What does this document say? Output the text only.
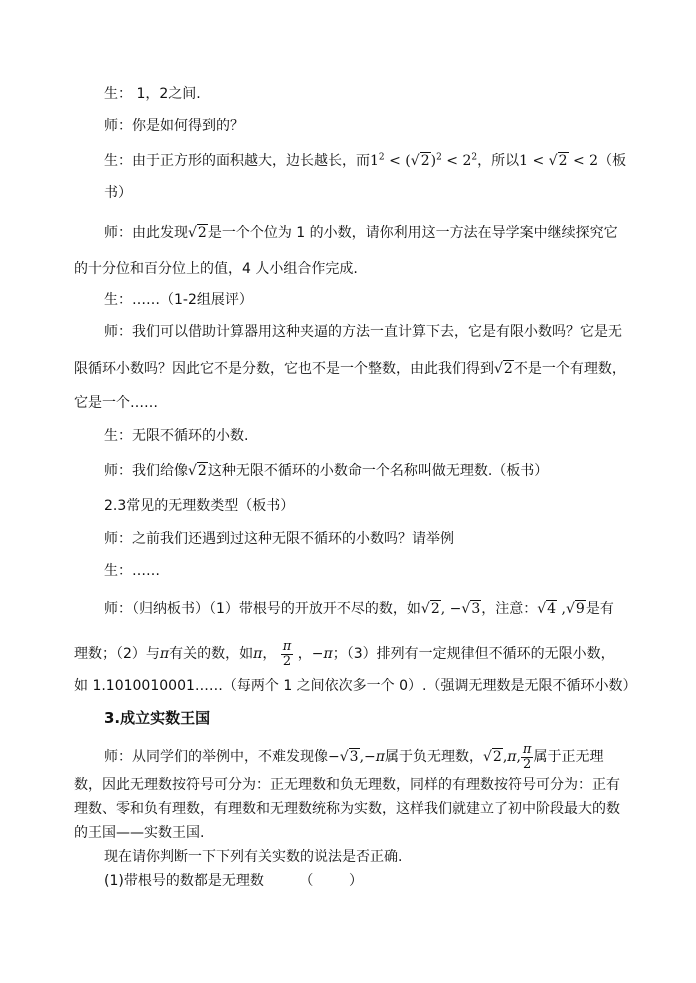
生： 1，2之间.
师：你是如何得到的？
生：由于正方形的面积越大，边长越长，而$1^2 < (√2)^2 < 2^2$，所以1 < √2 < 2（板
书）
师：由此发现√2是一个个位为 1 的小数，请你利用这一方法在导学案中继续探究它
的十分位和百分位上的值，4 人小组合作完成.
生：……（1-2组展评）
师：我们可以借助计算器用这种夹逼的方法一直计算下去，它是有限小数吗？它是无
限循环小数吗？因此它不是分数，它也不是一个整数，由此我们得到√2不是一个有理数，
它是一个……
生：无限不循环的小数.
师：我们给像√2这种无限不循环的小数命一个名称叫做无理数.（板书）
2.3常见的无理数类型（板书）
师：之前我们还遇到过这种无限不循环的小数吗？请举例
生：……
师：（归纳板书）（1）带根号的开放开不尽的数，如√2, −√3，注意：√4 ,√9是有
理数；（2）与π有关的数，如π， $\frac{\pi}{2}$ ，−π；（3）排列有一定规律但不循环的无限小数，
如 1.1010010001……（每两个 1 之间依次多一个 0）.（强调无理数是无限不循环小数）
3.成立实数王国
师：从同学们的举例中，不难发现像−√3,−π属于负无理数，√2,π, $\frac{\pi}{2}$ 属于正无理
数，因此无理数按符号可分为：正无理数和负无理数，同样的有理数按符号可分为：正有
理数、零和负有理数，有理数和无理数统称为实数，这样我们就建立了初中阶段最大的数
的王国——实数王国.
现在请你判断一下下列有关实数的说法是否正确.
(1)带根号的数都是无理数        （        ）
